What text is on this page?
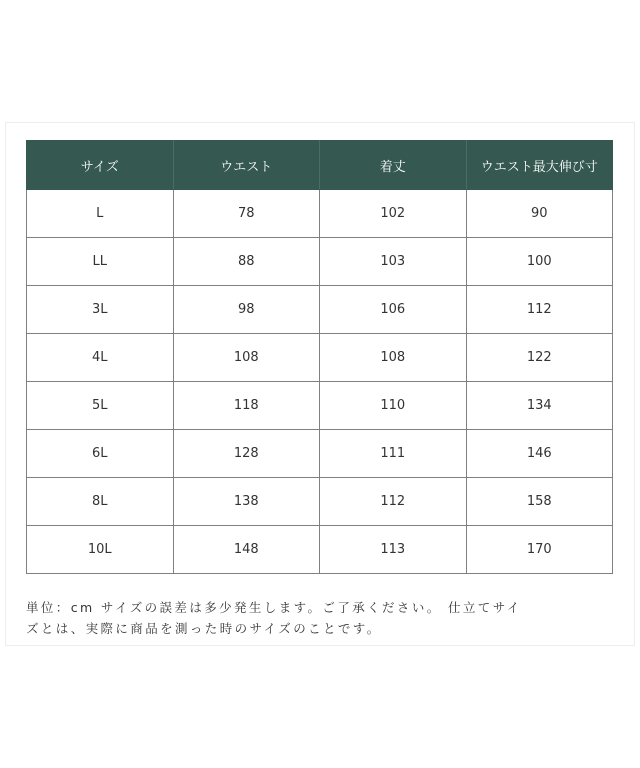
サイズ	ウエスト	着丈	ウエスト最大伸び寸
L	78	102	90
LL	88	103	100
3L	98	106	112
4L	108	108	122
5L	118	110	134
6L	128	111	146
8L	138	112	158
10L	148	113	170
単位：cm サイズの誤差は多少発生します。ご了承ください。 仕立てサイ
ズとは、実際に商品を測った時のサイズのことです。
